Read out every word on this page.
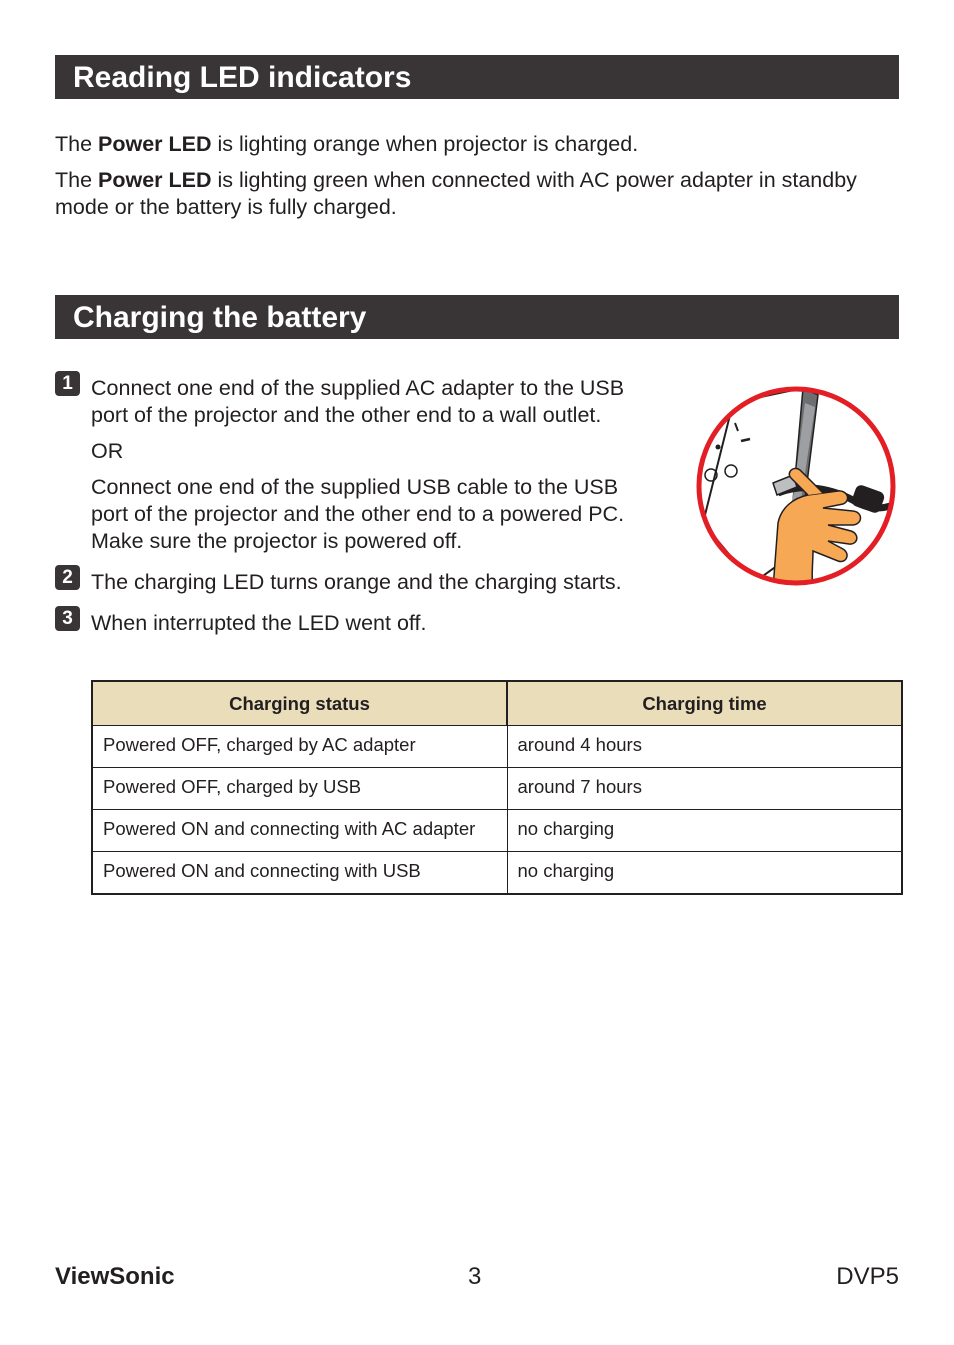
Reading LED indicators
The Power LED is lighting orange when projector is charged.
The Power LED is lighting green when connected with AC power adapter in standby mode or the battery is fully charged.
Charging the battery
1 Connect one end of the supplied AC adapter to the USB port of the projector and the other end to a wall outlet.
OR
Connect one end of the supplied USB cable to the USB port of the projector and the other end to a powered PC. Make sure the projector is powered off.
2 The charging LED turns orange and the charging starts.
3 When interrupted the LED went off.
Charging status	Charging time
Powered OFF, charged by AC adapter	around 4 hours
Powered OFF, charged by USB	around 7 hours
Powered ON and connecting with AC adapter	no charging
Powered ON and connecting with USB	no charging
ViewSonic	3	DVP5
